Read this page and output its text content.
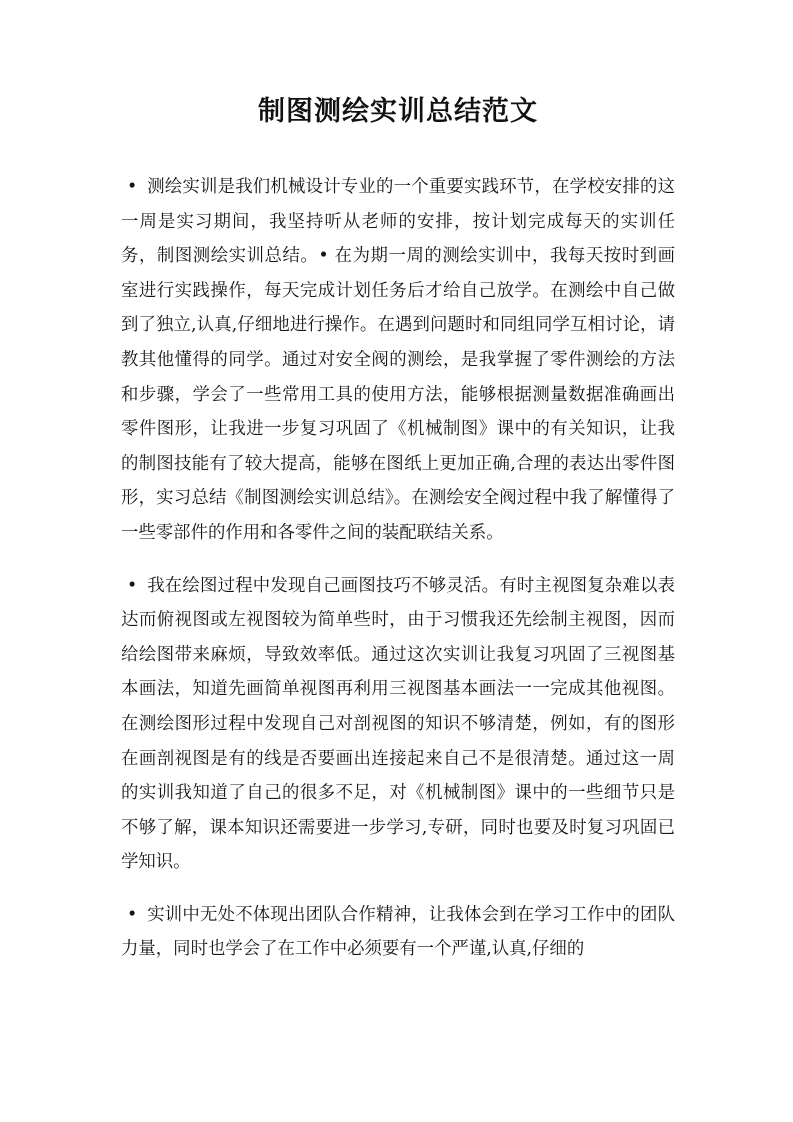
制图测绘实训总结范文

• 测绘实训是我们机械设计专业的一个重要实践环节，在学校安排的这一周是实习期间，我坚持听从老师的安排，按计划完成每天的实训任务，制图测绘实训总结。• 在为期一周的测绘实训中，我每天按时到画室进行实践操作，每天完成计划任务后才给自己放学。在测绘中自己做到了独立,认真,仔细地进行操作。在遇到问题时和同组同学互相讨论，请教其他懂得的同学。通过对安全阀的测绘，是我掌握了零件测绘的方法和步骤，学会了一些常用工具的使用方法，能够根据测量数据准确画出零件图形，让我进一步复习巩固了《机械制图》课中的有关知识，让我的制图技能有了较大提高，能够在图纸上更加正确,合理的表达出零件图形，实习总结《制图测绘实训总结》。在测绘安全阀过程中我了解懂得了一些零部件的作用和各零件之间的装配联结关系。

• 我在绘图过程中发现自己画图技巧不够灵活。有时主视图复杂难以表达而俯视图或左视图较为简单些时，由于习惯我还先绘制主视图，因而给绘图带来麻烦，导致效率低。通过这次实训让我复习巩固了三视图基本画法，知道先画简单视图再利用三视图基本画法一一完成其他视图。在测绘图形过程中发现自己对剖视图的知识不够清楚，例如，有的图形在画剖视图是有的线是否要画出连接起来自己不是很清楚。通过这一周的实训我知道了自己的很多不足，对《机械制图》课中的一些细节只是不够了解，课本知识还需要进一步学习,专研，同时也要及时复习巩固已学知识。

• 实训中无处不体现出团队合作精神，让我体会到在学习工作中的团队力量，同时也学会了在工作中必须要有一个严谨,认真,仔细的
